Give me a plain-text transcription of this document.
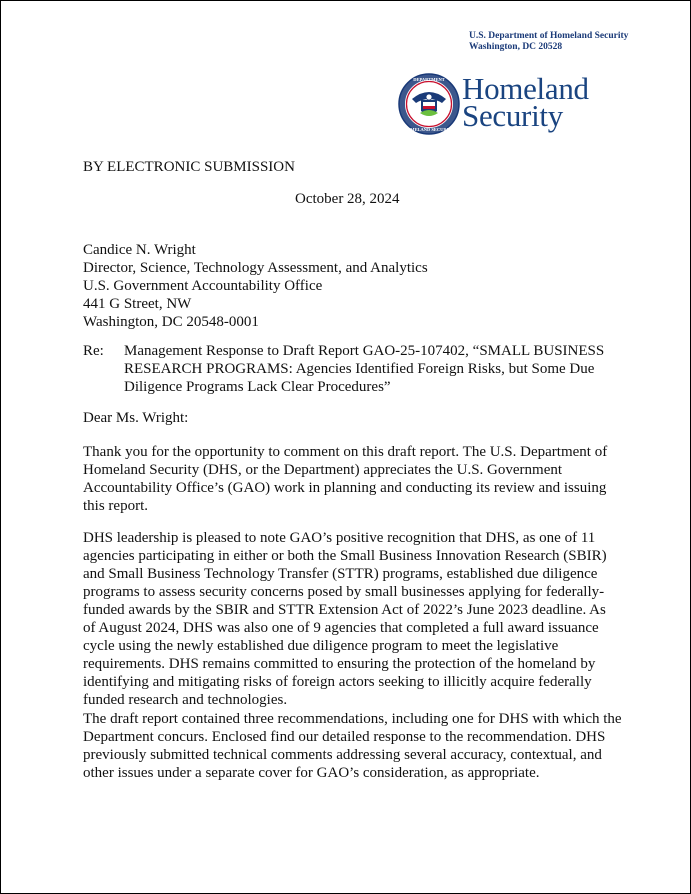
U.S. Department of Homeland Security
Washington, DC 20528
DEPARTMENT
HOMELAND SECURITY
Homeland
Security
BY ELECTRONIC SUBMISSION
October 28, 2024
Candice N. Wright
Director, Science, Technology Assessment, and Analytics
U.S. Government Accountability Office
441 G Street, NW
Washington, DC 20548-0001
Re: Management Response to Draft Report GAO-25-107402, “SMALL BUSINESS
RESEARCH PROGRAMS: Agencies Identified Foreign Risks, but Some Due
Diligence Programs Lack Clear Procedures”
Dear Ms. Wright:
Thank you for the opportunity to comment on this draft report. The U.S. Department of
Homeland Security (DHS, or the Department) appreciates the U.S. Government
Accountability Office’s (GAO) work in planning and conducting its review and issuing
this report.
DHS leadership is pleased to note GAO’s positive recognition that DHS, as one of 11
agencies participating in either or both the Small Business Innovation Research (SBIR)
and Small Business Technology Transfer (STTR) programs, established due diligence
programs to assess security concerns posed by small businesses applying for federally-
funded awards by the SBIR and STTR Extension Act of 2022’s June 2023 deadline. As
of August 2024, DHS was also one of 9 agencies that completed a full award issuance
cycle using the newly established due diligence program to meet the legislative
requirements. DHS remains committed to ensuring the protection of the homeland by
identifying and mitigating risks of foreign actors seeking to illicitly acquire federally
funded research and technologies.
The draft report contained three recommendations, including one for DHS with which the
Department concurs. Enclosed find our detailed response to the recommendation. DHS
previously submitted technical comments addressing several accuracy, contextual, and
other issues under a separate cover for GAO’s consideration, as appropriate.
